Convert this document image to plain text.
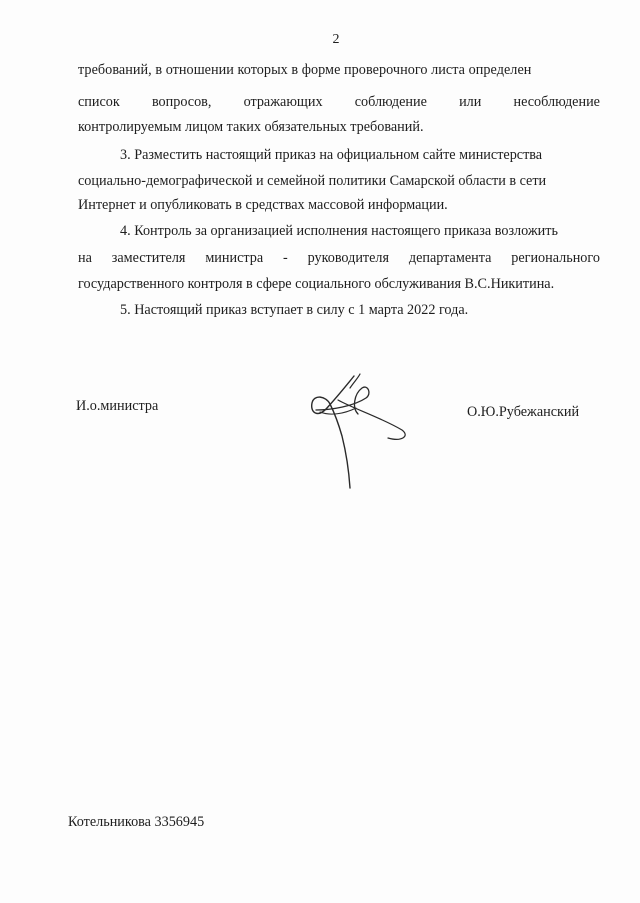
2
требований, в отношении которых в форме проверочного листа определен
список вопросов, отражающих соблюдение или несоблюдение
контролируемым лицом таких обязательных требований.
3. Разместить настоящий приказ на официальном сайте министерства
социально-демографической и семейной политики Самарской области в сети
Интернет и опубликовать в средствах массовой информации.
4. Контроль за организацией исполнения настоящего приказа возложить
на заместителя министра - руководителя департамента регионального
государственного контроля в сфере социального обслуживания В.С.Никитина.
5. Настоящий приказ вступает в силу с 1 марта 2022 года.
И.о.министра	О.Ю.Рубежанский
Котельникова 3356945
